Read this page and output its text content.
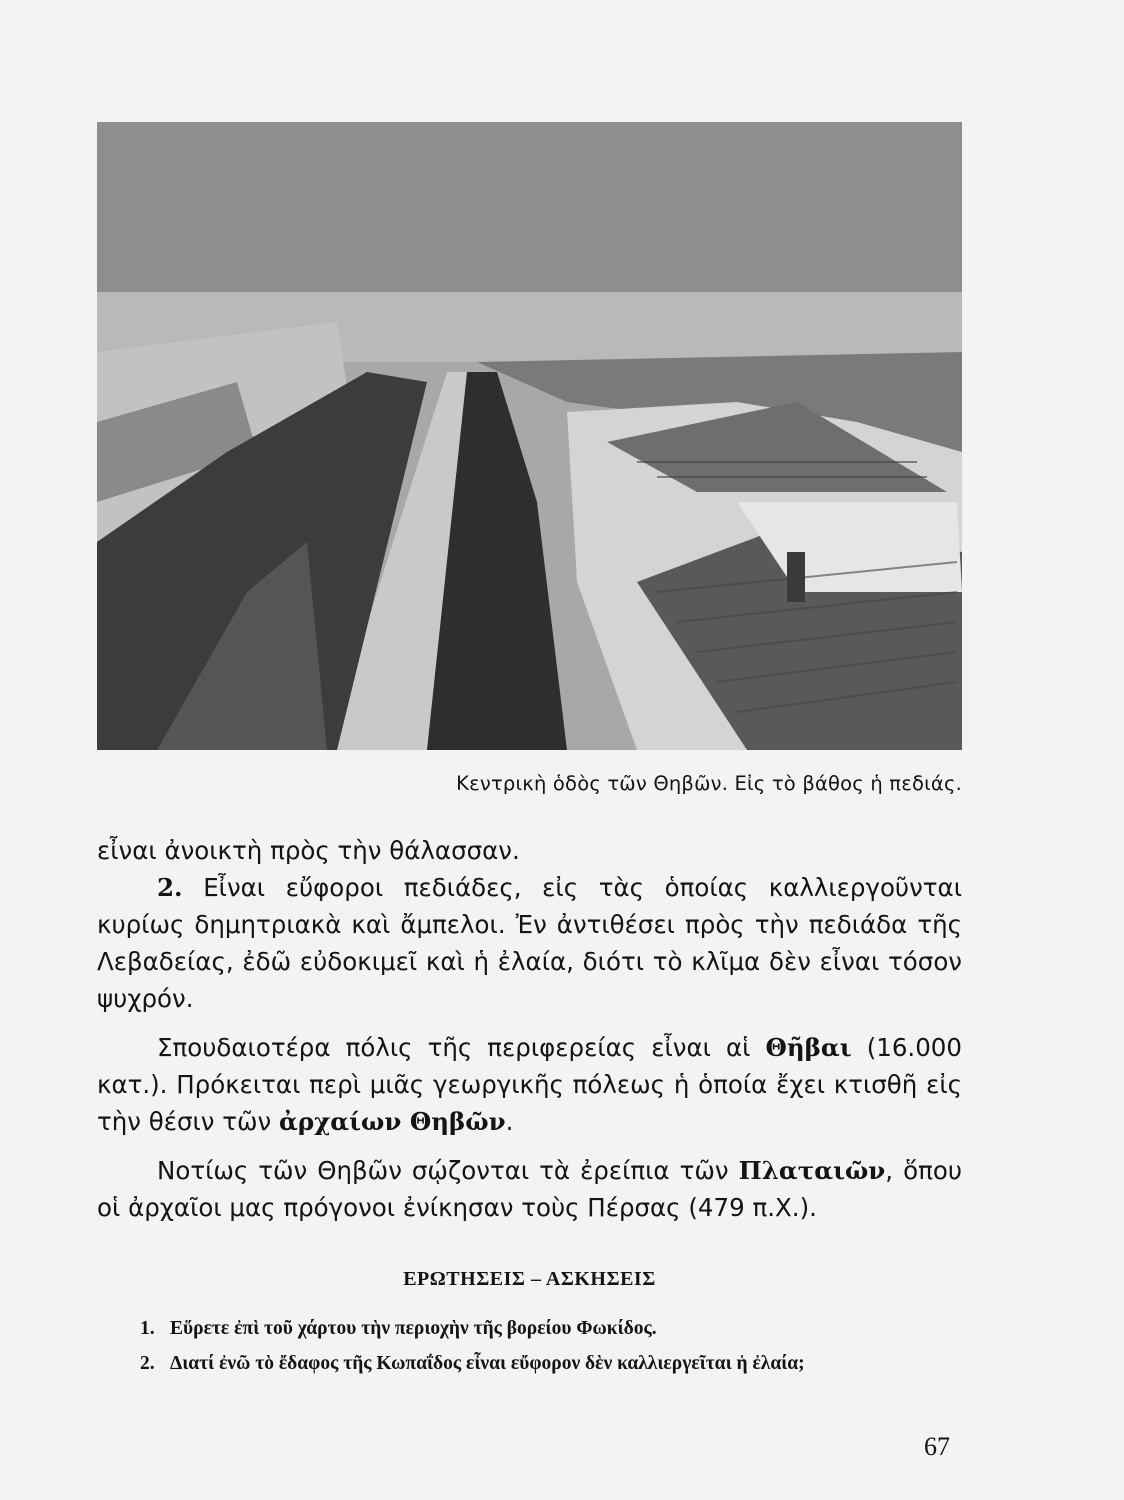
Κεντρικὴ ὁδὸς τῶν Θηβῶν. Εἰς τὸ βάθος ἡ πεδιάς.

εἶναι ἀνοικτὴ πρὸς τὴν θάλασσαν.

2. Εἶναι εὔφοροι πεδιάδες, εἰς τὰς ὁποίας καλλιεργοῦνται κυρίως δημητριακὰ καὶ ἄμπελοι. Ἐν ἀντιθέσει πρὸς τὴν πεδιάδα τῆς Λεβαδείας, ἐδῶ εὐδοκιμεῖ καὶ ἡ ἐλαία, διότι τὸ κλῖμα δὲν εἶναι τόσον ψυχρόν.

Σπουδαιοτέρα πόλις τῆς περιφερείας εἶναι αἱ Θῆβαι (16.000 κατ.). Πρόκειται περὶ μιᾶς γεωργικῆς πόλεως ἡ ὁποία ἔχει κτισθῆ εἰς τὴν θέσιν τῶν ἀρχαίων Θηβῶν.

Νοτίως τῶν Θηβῶν σῴζονται τὰ ἐρείπια τῶν Πλαταιῶν, ὅπου οἱ ἀρχαῖοι μας πρόγονοι ἐνίκησαν τοὺς Πέρσας (479 π.Χ.).

ΕΡΩΤΗΣΕΙΣ – ΑΣΚΗΣΕΙΣ
1. Εὕρετε ἐπὶ τοῦ χάρτου τὴν περιοχὴν τῆς βορείου Φωκίδος.
2. Διατί ἐνῶ τὸ ἔδαφος τῆς Κωπαΐδος εἶναι εὔφορον δὲν καλλιεργεῖται ἡ ἐλαία;
67
